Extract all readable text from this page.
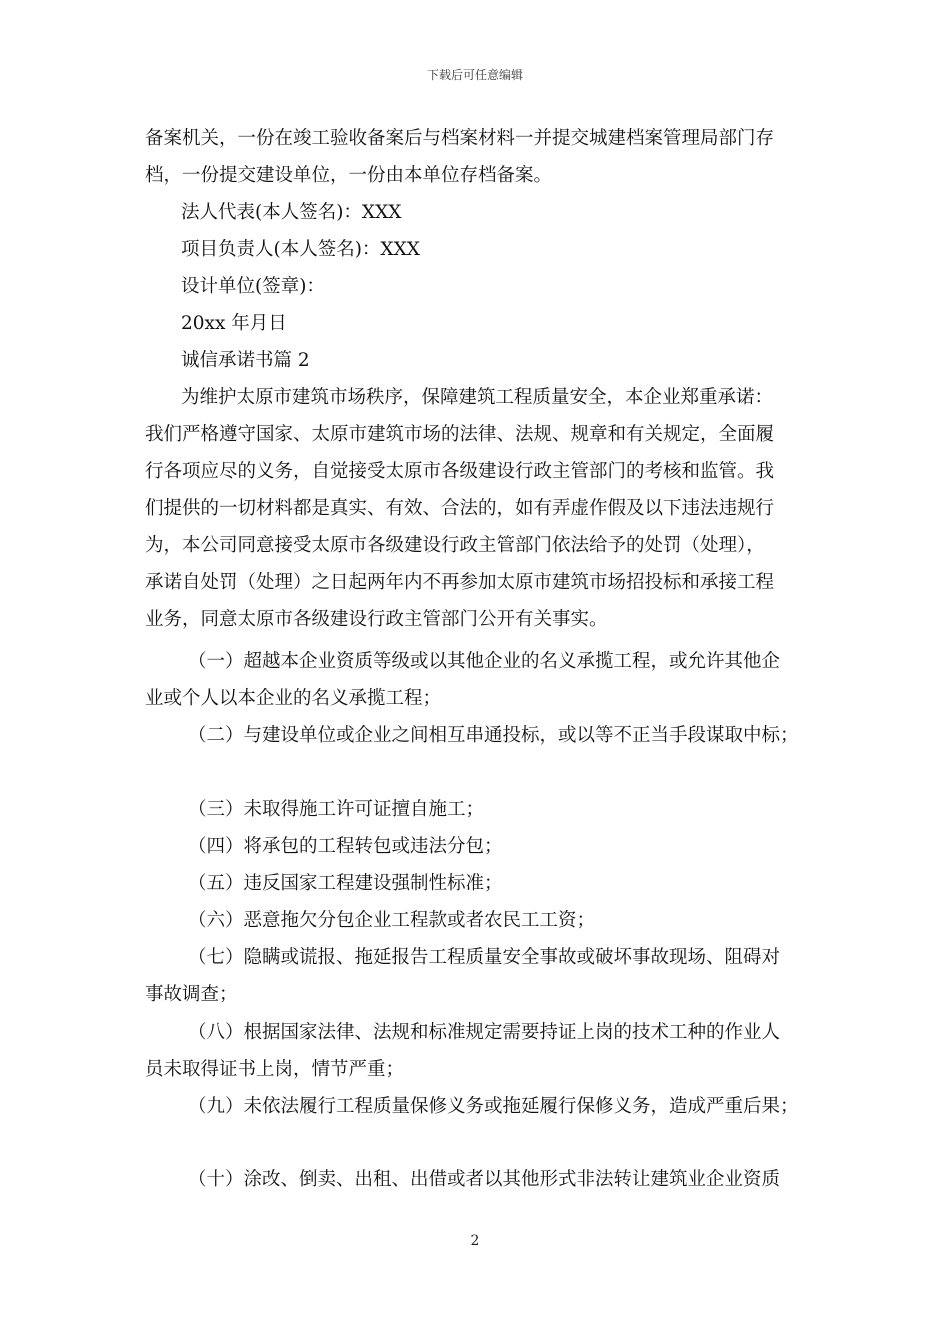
下载后可任意编辑
备案机关，一份在竣工验收备案后与档案材料一并提交城建档案管理局部门存
档，一份提交建设单位，一份由本单位存档备案。
法人代表(本人签名)：XXX
项目负责人(本人签名)：XXX
设计单位(签章)：
20xx 年月日
诚信承诺书篇 2
为维护太原市建筑市场秩序，保障建筑工程质量安全，本企业郑重承诺：
我们严格遵守国家、太原市建筑市场的法律、法规、规章和有关规定，全面履
行各项应尽的义务，自觉接受太原市各级建设行政主管部门的考核和监管。我
们提供的一切材料都是真实、有效、合法的，如有弄虚作假及以下违法违规行
为，本公司同意接受太原市各级建设行政主管部门依法给予的处罚（处理），
承诺自处罚（处理）之日起两年内不再参加太原市建筑市场招投标和承接工程
业务，同意太原市各级建设行政主管部门公开有关事实。
（一）超越本企业资质等级或以其他企业的名义承揽工程，或允许其他企
业或个人以本企业的名义承揽工程；
（二）与建设单位或企业之间相互串通投标，或以等不正当手段谋取中标；
（三）未取得施工许可证擅自施工；
（四）将承包的工程转包或违法分包；
（五）违反国家工程建设强制性标准；
（六）恶意拖欠分包企业工程款或者农民工工资；
（七）隐瞒或谎报、拖延报告工程质量安全事故或破坏事故现场、阻碍对
事故调查；
（八）根据国家法律、法规和标准规定需要持证上岗的技术工种的作业人
员未取得证书上岗，情节严重；
（九）未依法履行工程质量保修义务或拖延履行保修义务，造成严重后果；
（十）涂改、倒卖、出租、出借或者以其他形式非法转让建筑业企业资质
2
